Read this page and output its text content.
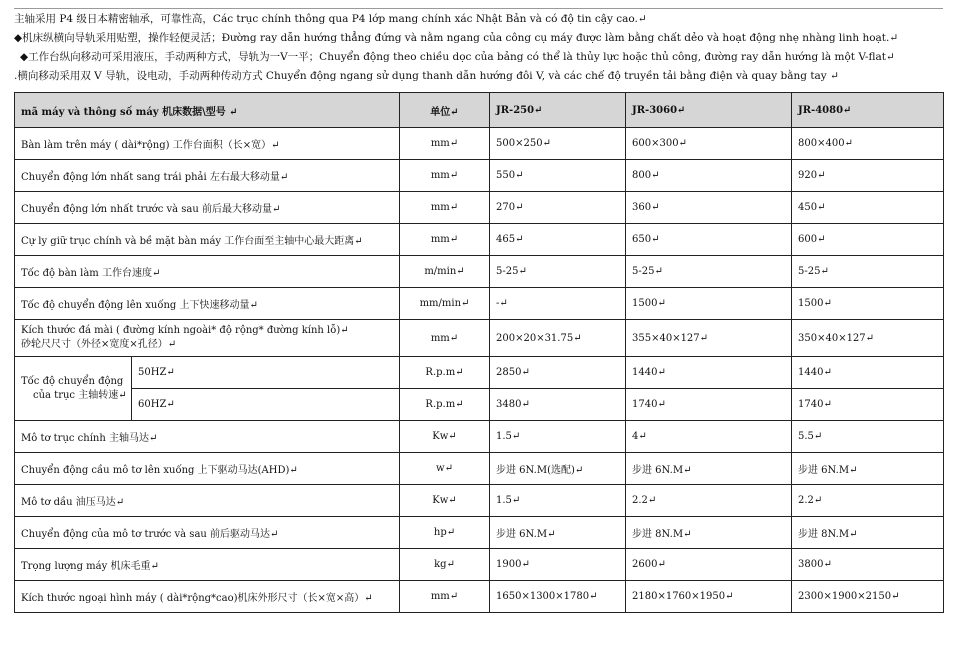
主轴采用 P4 级日本精密轴承，可靠性高，Các trục chính thông qua P4 lớp mang chính xác Nhật Bản và có độ tin cậy cao.↵
◆机床纵横向导轨采用贴塑，操作轻便灵活；Đường ray dẫn hướng thẳng đứng và nằm ngang của công cụ máy được làm bằng chất dẻo và hoạt động nhẹ nhàng linh hoạt.↵
◆工作台纵向移动可采用液压，手动两种方式，导轨为一V一平；Chuyển động theo chiều dọc của bảng có thể là thủy lực hoặc thủ công, đường ray dẫn hướng là một V-flat↵
.横向移动采用双 V 导轨，设电动，手动两种传动方式 Chuyển động ngang sử dụng thanh dẫn hướng đôi V, và các chế độ truyền tải bằng điện và quay bằng tay ↵
mã máy và thông số máy 机床数据\型号 ↵		单位↵	JR-250↵	JR-3060↵	JR-4080↵
Bàn làm trên máy ( dài*rộng) 工作台面积（长×宽）↵		mm↵	500×250↵	600×300↵	800×400↵
Chuyển động lớn nhất sang trái phải 左右最大移动量↵		mm↵	550↵	800↵	920↵
Chuyển động lớn nhất trước và sau 前后最大移动量↵		mm↵	270↵	360↵	450↵
Cự ly giữ trục chính và bề mặt bàn máy 工作台面至主轴中心最大距离↵		mm↵	465↵	650↵	600↵
Tốc độ bàn làm 工作台速度↵		m/min↵	5-25↵	5-25↵	5-25↵
Tốc độ chuyển động lên xuống 上下快速移动量↵		mm/min↵	-↵	1500↵	1500↵

Kích thước đá mài ( đường kính ngoài* độ rộng* đường kính lỗ)↵
砂轮尺尺寸（外径×宽度×孔径）↵		mm↵	200×20×31.75↵	355×40×127↵	350×40×127↵

Tốc độ chuyển động
của trục 主轴转速↵	50HZ↵	R.p.m↵	2850↵	1440↵	1440↵
	60HZ↵	R.p.m↵	3480↵	1740↵	1740↵
Mô tơ trục chính 主轴马达↵		Kw↵	1.5↵	4↵	5.5↵
Chuyển động cầu mô tơ lên xuống 上下驱动马达(AHD)↵		w↵	步进 6N.M(选配)↵	步进 6N.M↵	步进 6N.M↵
Mô tơ dầu 油压马达↵		Kw↵	1.5↵	2.2↵	2.2↵
Chuyển động của mô tơ trước và sau 前后驱动马达↵		hp↵	步进 6N.M↵	步进 8N.M↵	步进 8N.M↵
Trọng lượng máy 机床毛重↵		kg↵	1900↵	2600↵	3800↵
Kích thước ngoại hình máy ( dài*rộng*cao)机床外形尺寸（长×宽×高）↵		mm↵	1650×1300×1780↵	2180×1760×1950↵	2300×1900×2150↵
